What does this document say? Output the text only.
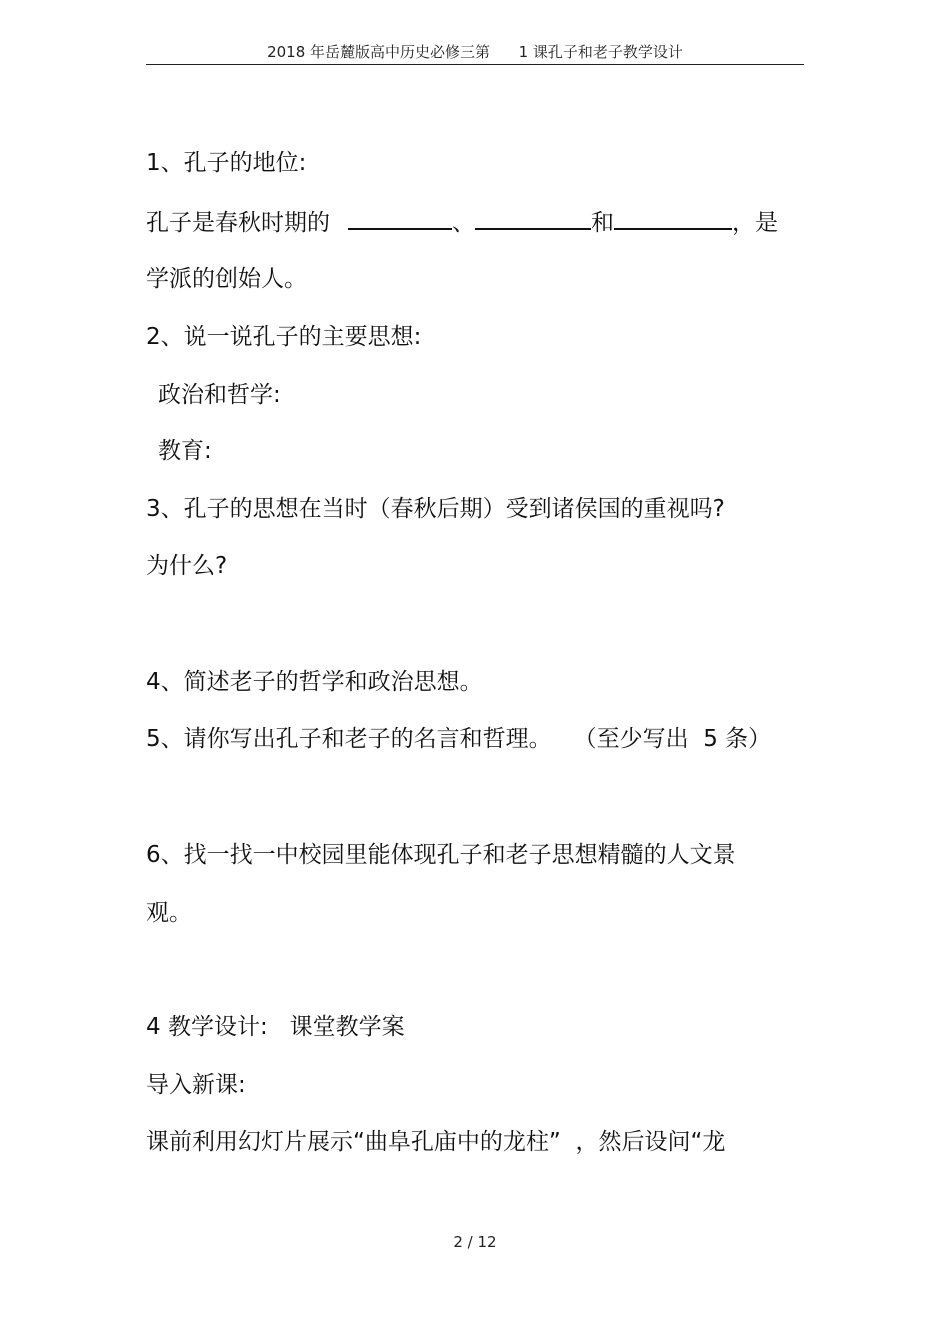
2018 年岳麓版高中历史必修三第      1 课孔子和老子教学设计
1、孔子的地位:
孔子是春秋时期的	、	和	，是
学派的创始人。
2、说一说孔子的主要思想:
政治和哲学:
教育:
3、孔子的思想在当时（春秋后期）受到诸侯国的重视吗?
为什么?
4、简述老子的哲学和政治思想。
5、请你写出孔子和老子的名言和哲理。   （至少写出  5 条）
6、找一找一中校园里能体现孔子和老子思想精髓的人文景
观。
4 教学设计:   课堂教学案
导入新课:
课前利用幻灯片展示“曲阜孔庙中的龙柱”  ，然后设问“龙
2 / 12
